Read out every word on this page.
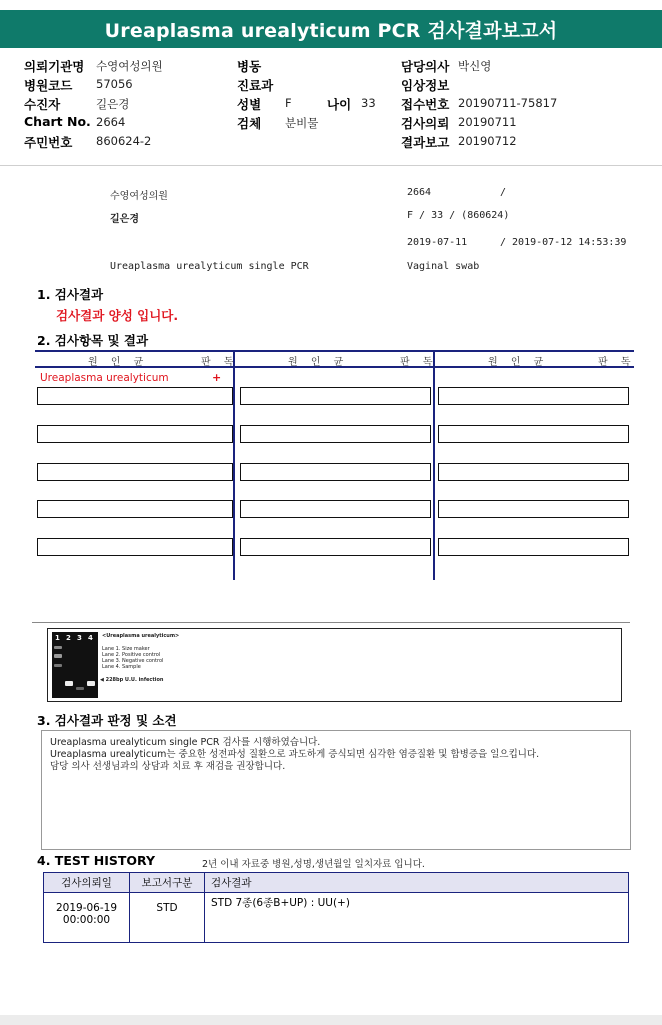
Ureaplasma urealyticum PCR 검사결과보고서
의뢰기관명 수영여성의원
병원코드 57056
수진자	길은경
Chart No. 2664
주민번호 860624-2
병동
진료과
성별 F	나이 33
검체 분비물
담당의사 박신영
임상정보
접수번호 20190711-75817
검사의뢰 20190711
결과보고 20190712
수영여성의원	2664	/
길은경	F / 33 / (860624)
2019-07-11	/ 2019-07-12 14:53:39
Ureaplasma urealyticum single PCR	Vaginal swab
1. 검사결과
검사결과 양성 입니다.
2. 검사항목 및 결과
원 인 균	판 독	원 인 균	판 독	원 인 균	판 독
Ureaplasma urealyticum	+
1 2 3 4 <Ureaplasma urealyticum>
Lane 1. Size maker
Lane 2. Positive control
Lane 3. Negative control
Lane 4. Sample
◀ 228bp U.U. infection
3. 검사결과 판정 및 소견
Ureaplasma urealyticum single PCR 검사를 시행하였습니다.
Ureaplasma urealyticum는 중요한 성전파성 질환으로 과도하게 증식되면 심각한 염증질환 및 합병증을 일으킵니다.
담당 의사 선생님과의 상담과 치료 후 재검을 권장합니다.
4. TEST HISTORY	2년 이내 자료중 병원,성명,생년월일 일치자료 입니다.
검사의뢰일	보고서구분	검사결과

2019-06-19
00:00:00	STD	STD 7종(6종B+UP) : UU(+)
